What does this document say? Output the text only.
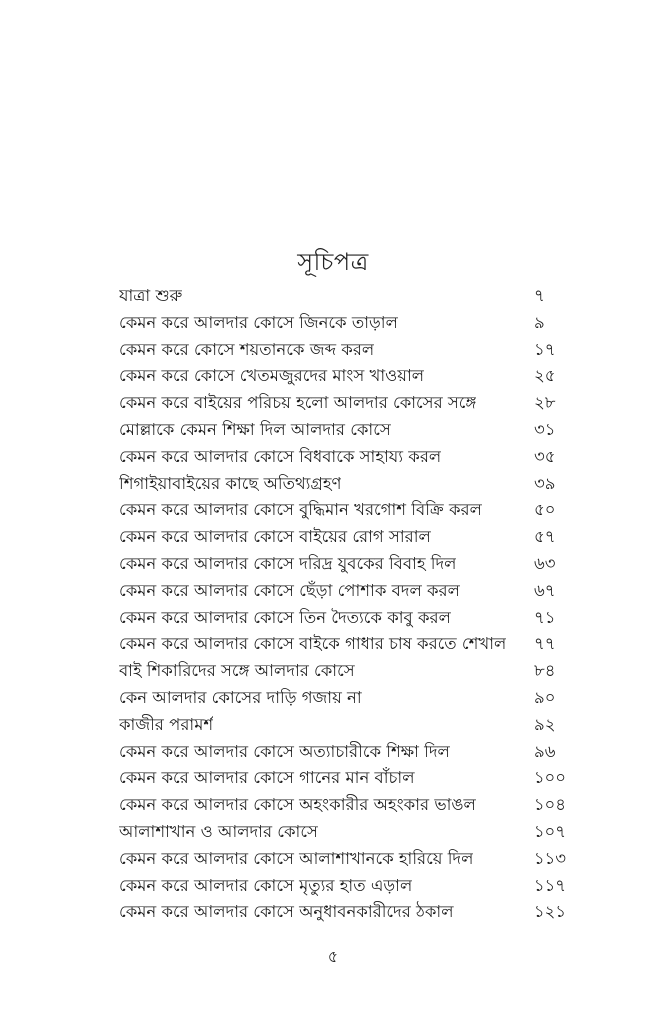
সূচিপত্র
যাত্রা শুরু	৭
কেমন করে আলদার কোসে জিনকে তাড়াল	৯
কেমন করে কোসে শয়তানকে জব্দ করল	১৭
কেমন করে কোসে খেতমজুরদের মাংস খাওয়াল	২৫
কেমন করে বাইয়ের পরিচয় হলো আলদার কোসের সঙ্গে	২৮
মোল্লাকে কেমন শিক্ষা দিল আলদার কোসে	৩১
কেমন করে আলদার কোসে বিধবাকে সাহায্য করল	৩৫
শিগাইয়াবাইয়ের কাছে অতিথ্যগ্রহণ	৩৯
কেমন করে আলদার কোসে বুদ্ধিমান খরগোশ বিক্রি করল	৫০
কেমন করে আলদার কোসে বাইয়ের রোগ সারাল	৫৭
কেমন করে আলদার কোসে দরিদ্র যুবকের বিবাহ দিল	৬৩
কেমন করে আলদার কোসে ছেঁড়া পোশাক বদল করল	৬৭
কেমন করে আলদার কোসে তিন দৈত্যকে কাবু করল	৭১
কেমন করে আলদার কোসে বাইকে গাধার চাষ করতে শেখাল	৭৭
বাই শিকারিদের সঙ্গে আলদার কোসে	৮৪
কেন আলদার কোসের দাড়ি গজায় না	৯০
কাজীর পরামর্শ	৯২
কেমন করে আলদার কোসে অত্যাচারীকে শিক্ষা দিল	৯৬
কেমন করে আলদার কোসে গানের মান বাঁচাল	১০০
কেমন করে আলদার কোসে অহংকারীর অহংকার ভাঙল	১০৪
আলাশাখান ও আলদার কোসে	১০৭
কেমন করে আলদার কোসে আলাশাখানকে হারিয়ে দিল	১১৩
কেমন করে আলদার কোসে মৃত্যুর হাত এড়াল	১১৭
কেমন করে আলদার কোসে অনুধাবনকারীদের ঠকাল	১২১
৫
